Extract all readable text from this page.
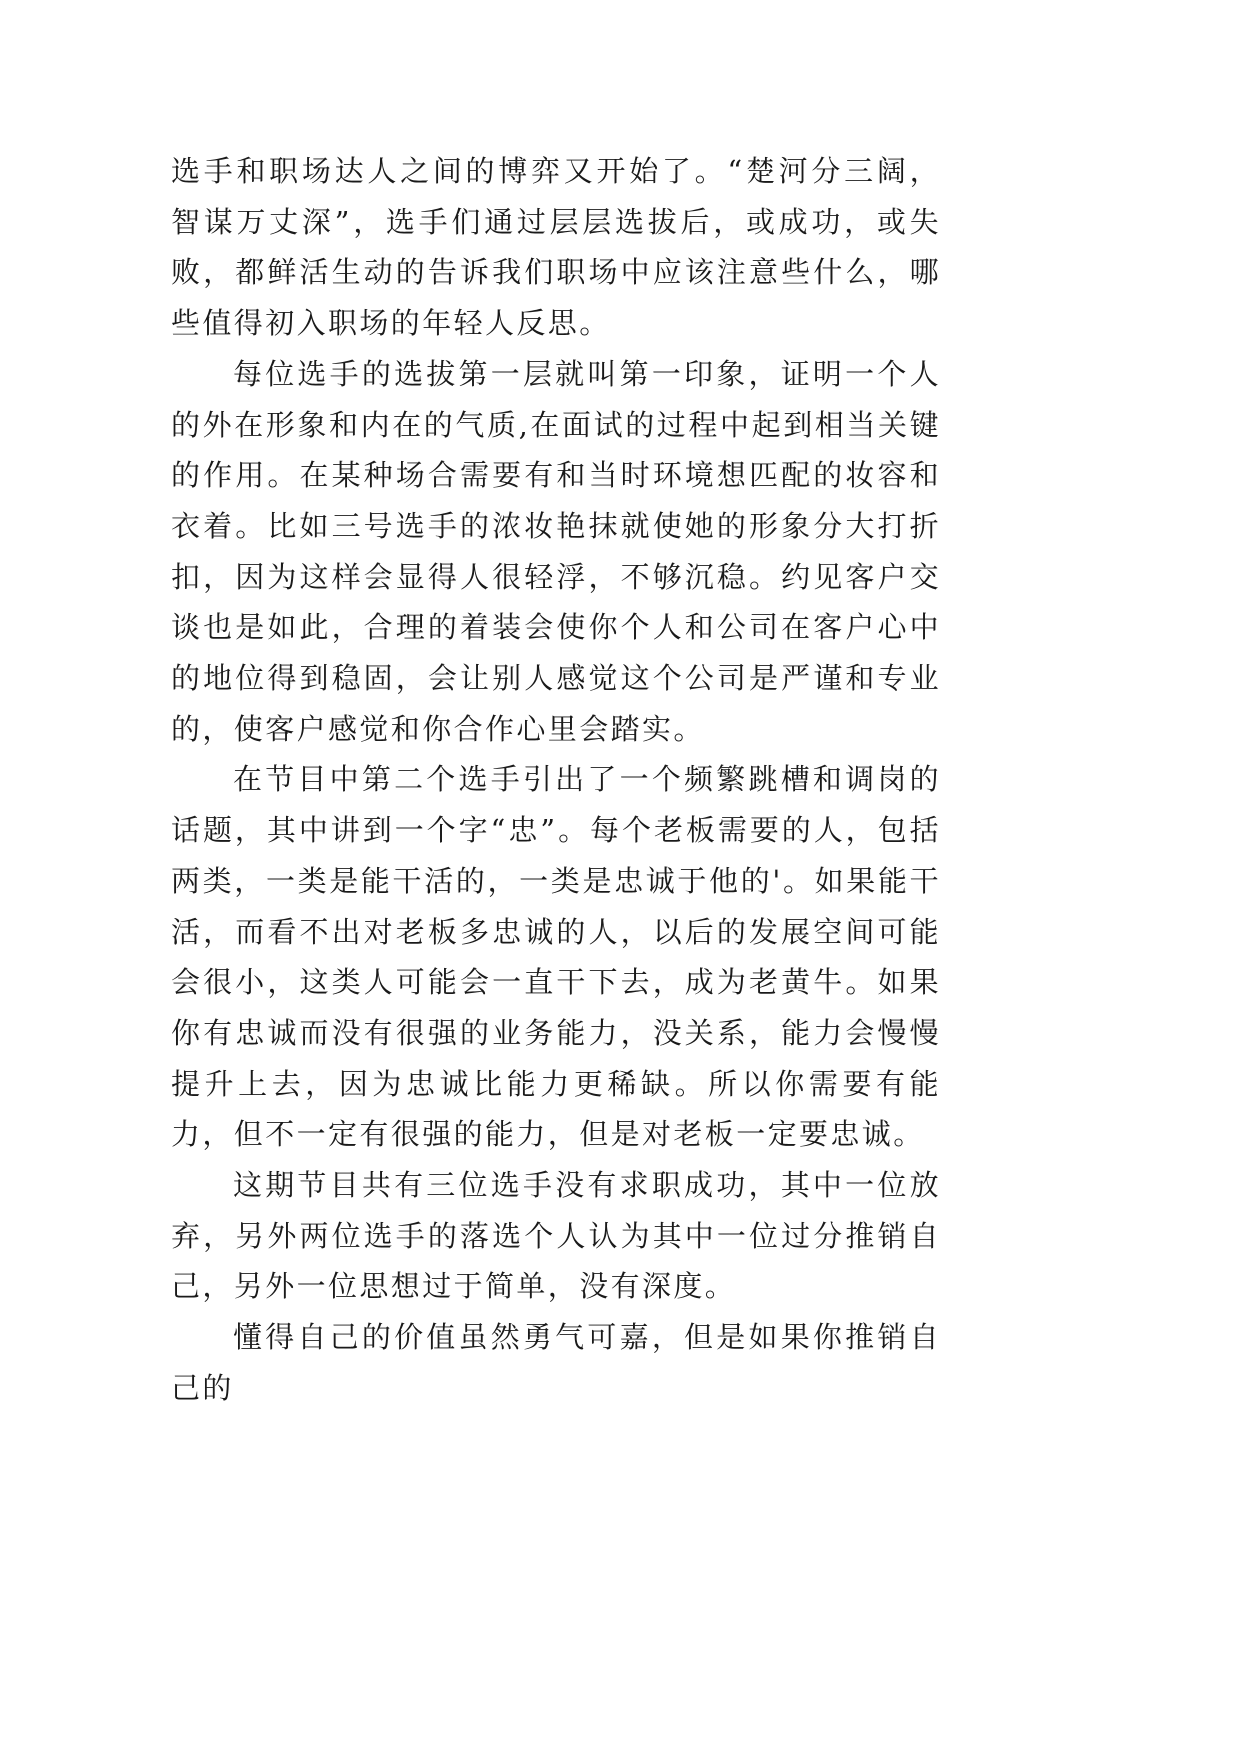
选手和职场达人之间的博弈又开始了。“楚河分三阔，智谋万丈深”，选手们通过层层选拔后，或成功，或失败，都鲜活生动的告诉我们职场中应该注意些什么，哪些值得初入职场的年轻人反思。

每位选手的选拔第一层就叫第一印象，证明一个人的外在形象和内在的气质,在面试的过程中起到相当关键的作用。在某种场合需要有和当时环境想匹配的妆容和衣着。比如三号选手的浓妆艳抹就使她的形象分大打折扣，因为这样会显得人很轻浮，不够沉稳。约见客户交谈也是如此，合理的着装会使你个人和公司在客户心中的地位得到稳固，会让别人感觉这个公司是严谨和专业的，使客户感觉和你合作心里会踏实。

在节目中第二个选手引出了一个频繁跳槽和调岗的话题，其中讲到一个字“忠”。每个老板需要的人，包括两类，一类是能干活的，一类是忠诚于他的'。如果能干活，而看不出对老板多忠诚的人，以后的发展空间可能会很小，这类人可能会一直干下去，成为老黄牛。如果你有忠诚而没有很强的业务能力，没关系，能力会慢慢提升上去，因为忠诚比能力更稀缺。所以你需要有能力，但不一定有很强的能力，但是对老板一定要忠诚。

这期节目共有三位选手没有求职成功，其中一位放弃，另外两位选手的落选个人认为其中一位过分推销自己，另外一位思想过于简单，没有深度。

懂得自己的价值虽然勇气可嘉，但是如果你推销自己的
